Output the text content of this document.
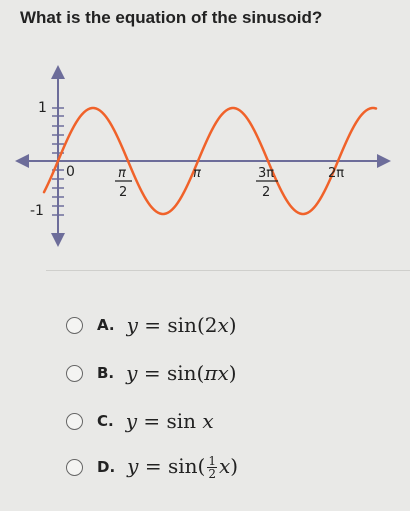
What is the equation of the sinusoid?
1
-1
0	π
2
π	3π
2
2π
A. y = sin(2x)
B. y = sin(πx)
C. y = sin x
D. $y = \sin( \frac{1}{2} x)$
